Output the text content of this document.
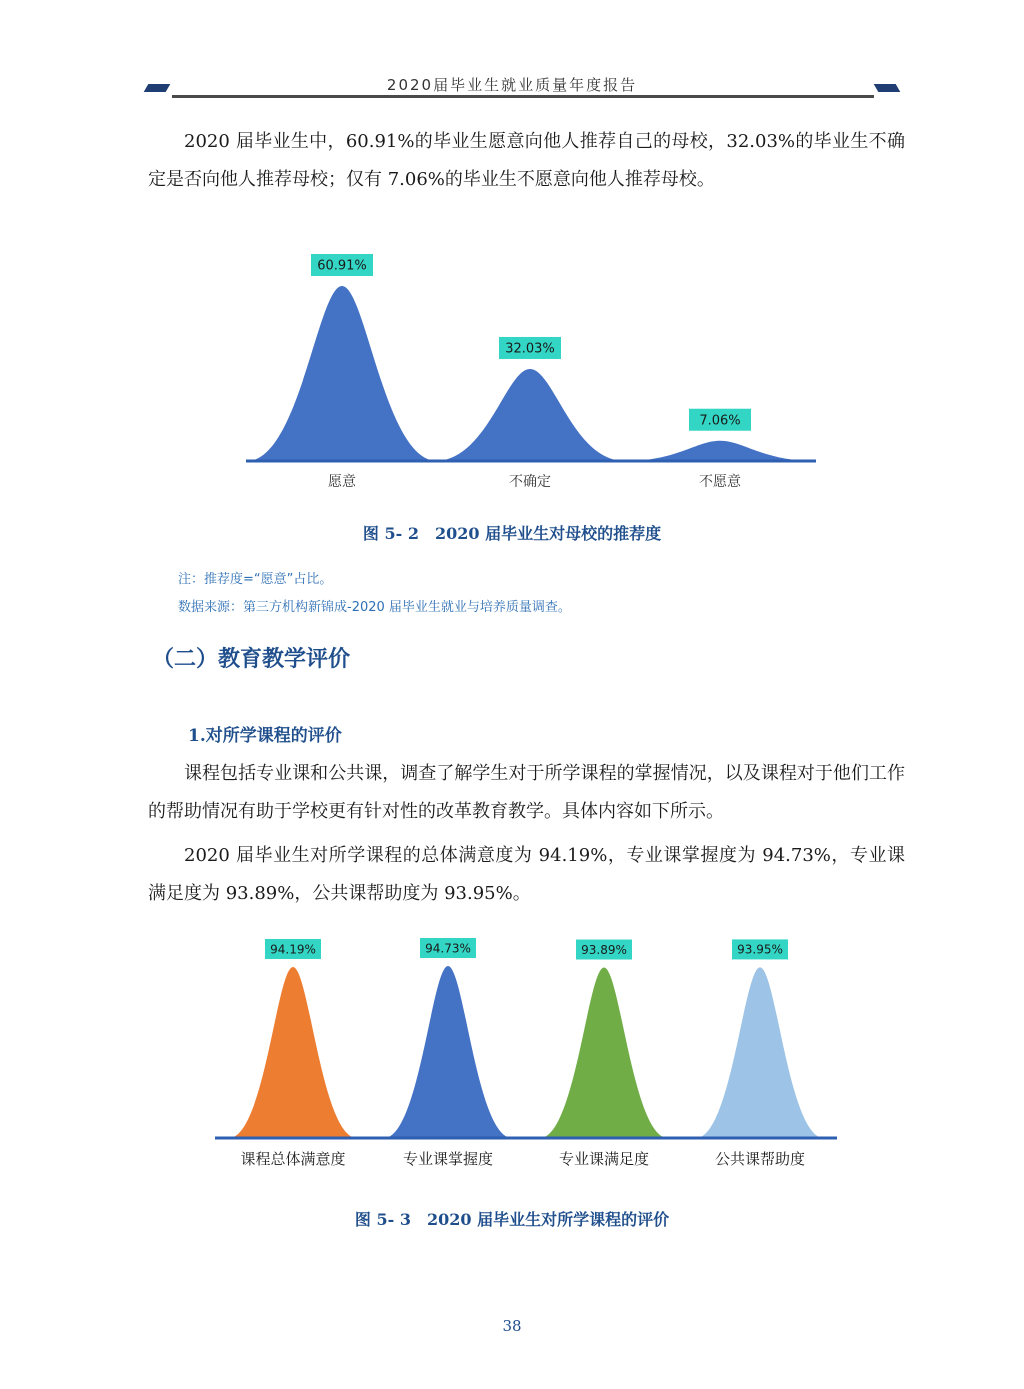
2020届毕业生就业质量年度报告

2020 届毕业生中，60.91%的毕业生愿意向他人推荐自己的母校，32.03%的毕业生不确定是否向他人推荐母校；仅有 7.06%的毕业生不愿意向他人推荐母校。

60.91%
愿意
32.03%
不确定
7.06%
不愿意
图 5- 2　2020 届毕业生对母校的推荐度
注：推荐度=“愿意”占比。
数据来源：第三方机构新锦成-2020 届毕业生就业与培养质量调查。
（二）教育教学评价
1.对所学课程的评价

课程包括专业课和公共课，调查了解学生对于所学课程的掌握情况，以及课程对于他们工作的帮助情况有助于学校更有针对性的改革教育教学。具体内容如下所示。

2020 届毕业生对所学课程的总体满意度为 94.19%，专业课掌握度为 94.73%，专业课满足度为 93.89%，公共课帮助度为 93.95%。

94.19%
课程总体满意度
94.73%
专业课掌握度
93.89%
专业课满足度
93.95%
公共课帮助度
图 5- 3　2020 届毕业生对所学课程的评价
38
